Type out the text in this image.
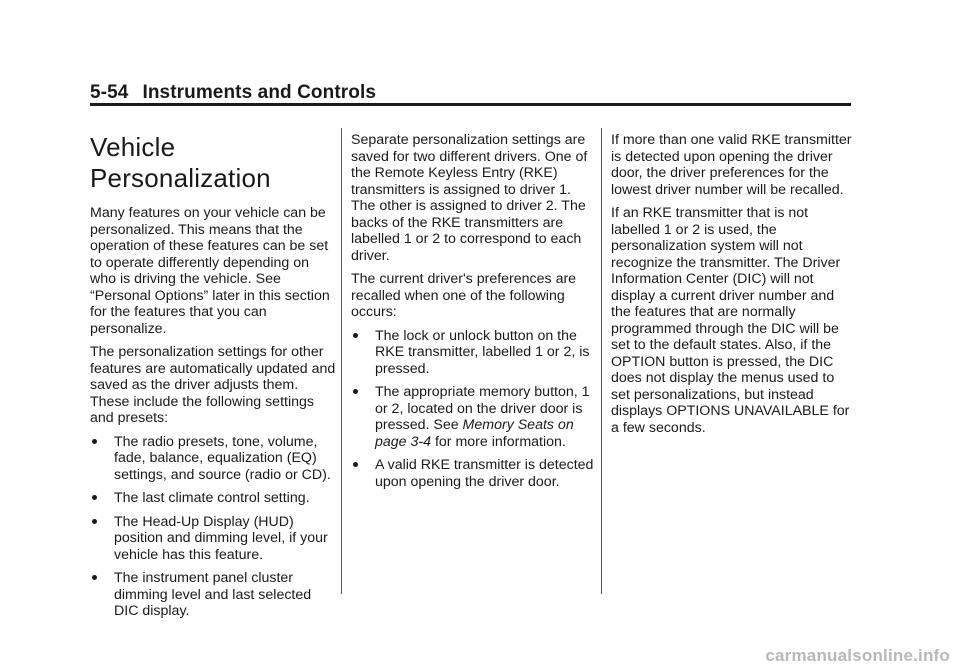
5-54 Instruments and Controls
Vehicle
Personalization

Many features on your vehicle can be personalized. This means that the operation of these features can be set to operate differently depending on who is driving the vehicle. See “Personal Options” later in this section for the features that you can personalize.

The personalization settings for other features are automatically updated and saved as the driver adjusts them. These include the following settings and presets:

The radio presets, tone, volume, fade, balance, equalization (EQ) settings, and source (radio or CD).
The last climate control setting.
The Head-Up Display (HUD) position and dimming level, if your vehicle has this feature.
The instrument panel cluster dimming level and last selected DIC display.

Separate personalization settings are saved for two different drivers. One of the Remote Keyless Entry (RKE) transmitters is assigned to driver 1. The other is assigned to driver 2. The backs of the RKE transmitters are labelled 1 or 2 to correspond to each driver.

The current driver's preferences are recalled when one of the following occurs:

The lock or unlock button on the RKE transmitter, labelled 1 or 2, is pressed.
The appropriate memory button, 1 or 2, located on the driver door is pressed. See Memory Seats on page 3-4 for more information.
A valid RKE transmitter is detected upon opening the driver door.

If more than one valid RKE transmitter is detected upon opening the driver door, the driver preferences for the lowest driver number will be recalled.

If an RKE transmitter that is not labelled 1 or 2 is used, the personalization system will not recognize the transmitter. The Driver Information Center (DIC) will not display a current driver number and the features that are normally programmed through the DIC will be set to the default states. Also, if the OPTION button is pressed, the DIC does not display the menus used to set personalizations, but instead displays OPTIONS UNAVAILABLE for a few seconds.

carmanualsonline.info
